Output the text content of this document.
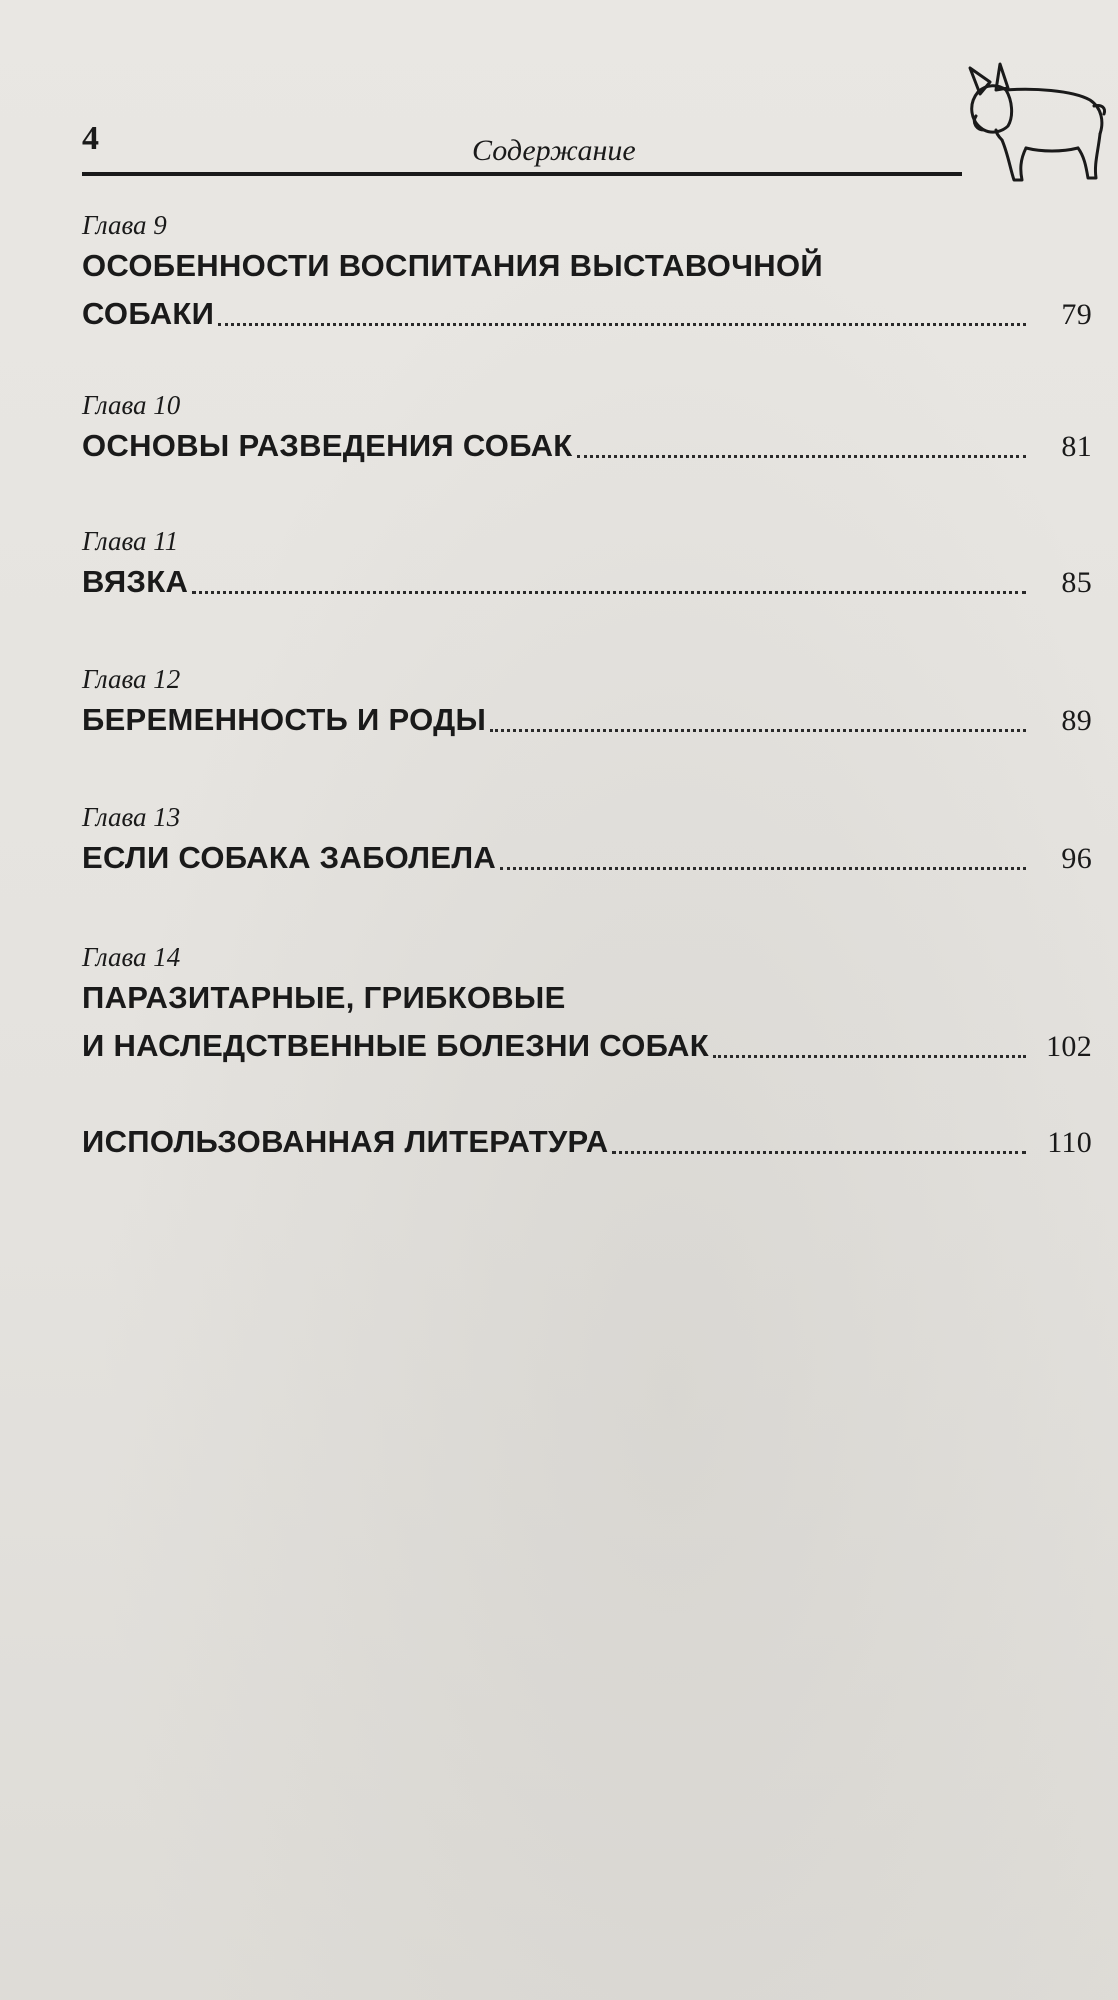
4	Содержание
Глава 9
ОСОБЕННОСТИ ВОСПИТАНИЯ ВЫСТАВОЧНОЙ
СОБАКИ	79
Глава 10
ОСНОВЫ РАЗВЕДЕНИЯ СОБАК	81
Глава 11
ВЯЗКА	85
Глава 12
БЕРЕМЕННОСТЬ И РОДЫ	89
Глава 13
ЕСЛИ СОБАКА ЗАБОЛЕЛА	96
Глава 14
ПАРАЗИТАРНЫЕ, ГРИБКОВЫЕ
И НАСЛЕДСТВЕННЫЕ БОЛЕЗНИ СОБАК	102
ИСПОЛЬЗОВАННАЯ ЛИТЕРАТУРА	110
